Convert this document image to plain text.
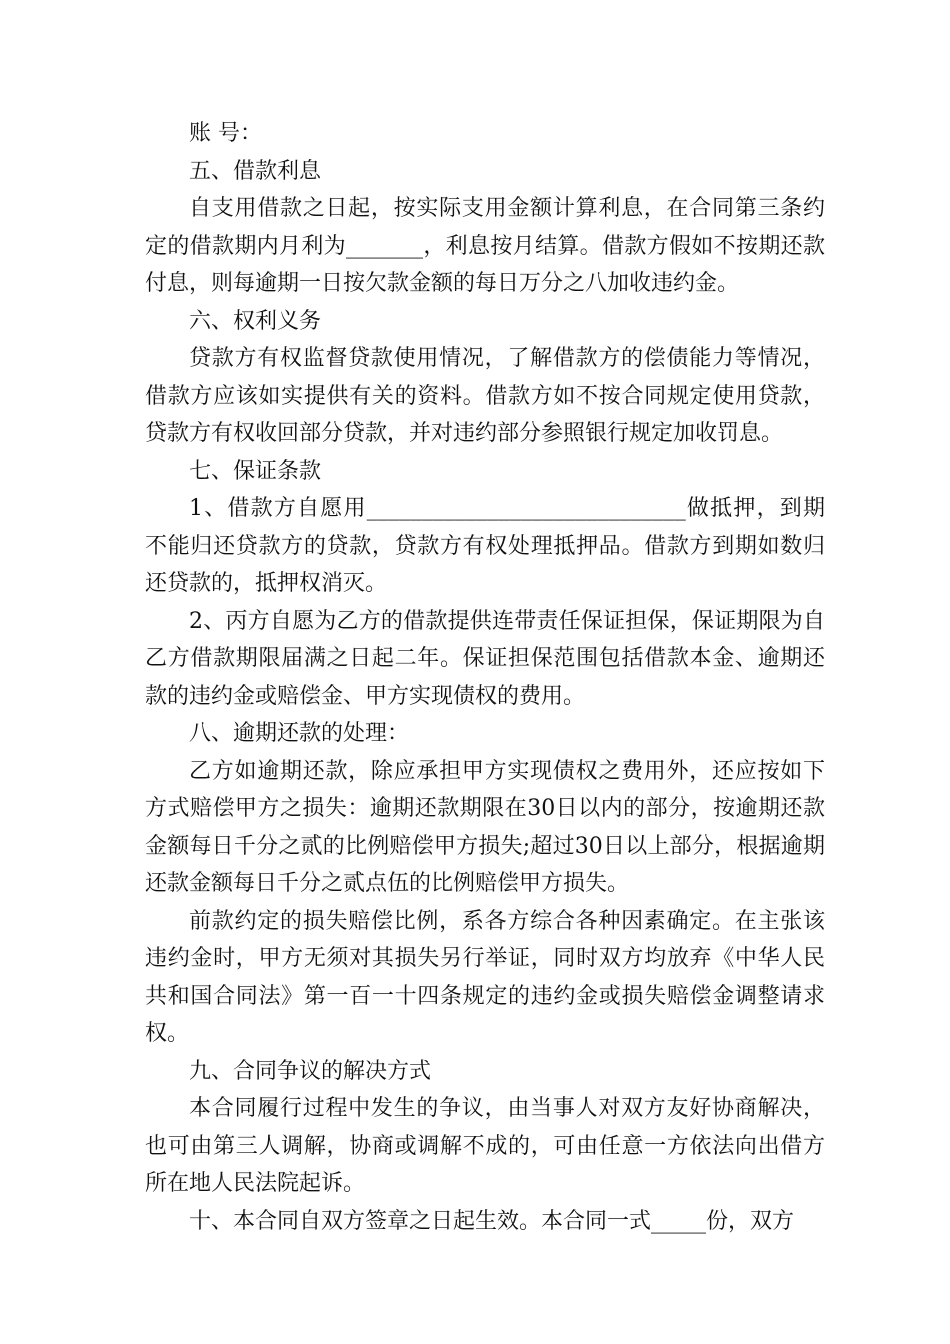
账 号：

五、借款利息

自支用借款之日起，按实际支用金额计算利息，在合同第三条约定的借款期内月利为_______，利息按月结算。借款方假如不按期还款付息，则每逾期一日按欠款金额的每日万分之八加收违约金。

六、权利义务

贷款方有权监督贷款使用情况，了解借款方的偿债能力等情况，借款方应该如实提供有关的资料。借款方如不按合同规定使用贷款，贷款方有权收回部分贷款，并对违约部分参照银行规定加收罚息。

七、保证条款

1、借款方自愿用_____________________________做抵押，到期不能归还贷款方的贷款，贷款方有权处理抵押品。借款方到期如数归还贷款的，抵押权消灭。

2、丙方自愿为乙方的借款提供连带责任保证担保，保证期限为自乙方借款期限届满之日起二年。保证担保范围包括借款本金、逾期还款的违约金或赔偿金、甲方实现债权的费用。

八、逾期还款的处理：

乙方如逾期还款，除应承担甲方实现债权之费用外，还应按如下方式赔偿甲方之损失：逾期还款期限在30日以内的部分，按逾期还款金额每日千分之贰的比例赔偿甲方损失;超过30日以上部分，根据逾期还款金额每日千分之贰点伍的比例赔偿甲方损失。

前款约定的损失赔偿比例，系各方综合各种因素确定。在主张该违约金时，甲方无须对其损失另行举证，同时双方均放弃《中华人民共和国合同法》第一百一十四条规定的违约金或损失赔偿金调整请求权。

九、合同争议的解决方式

本合同履行过程中发生的争议，由当事人对双方友好协商解决，也可由第三人调解，协商或调解不成的，可由任意一方依法向出借方所在地人民法院起诉。

十、本合同自双方签章之日起生效。本合同一式_____份，双方
